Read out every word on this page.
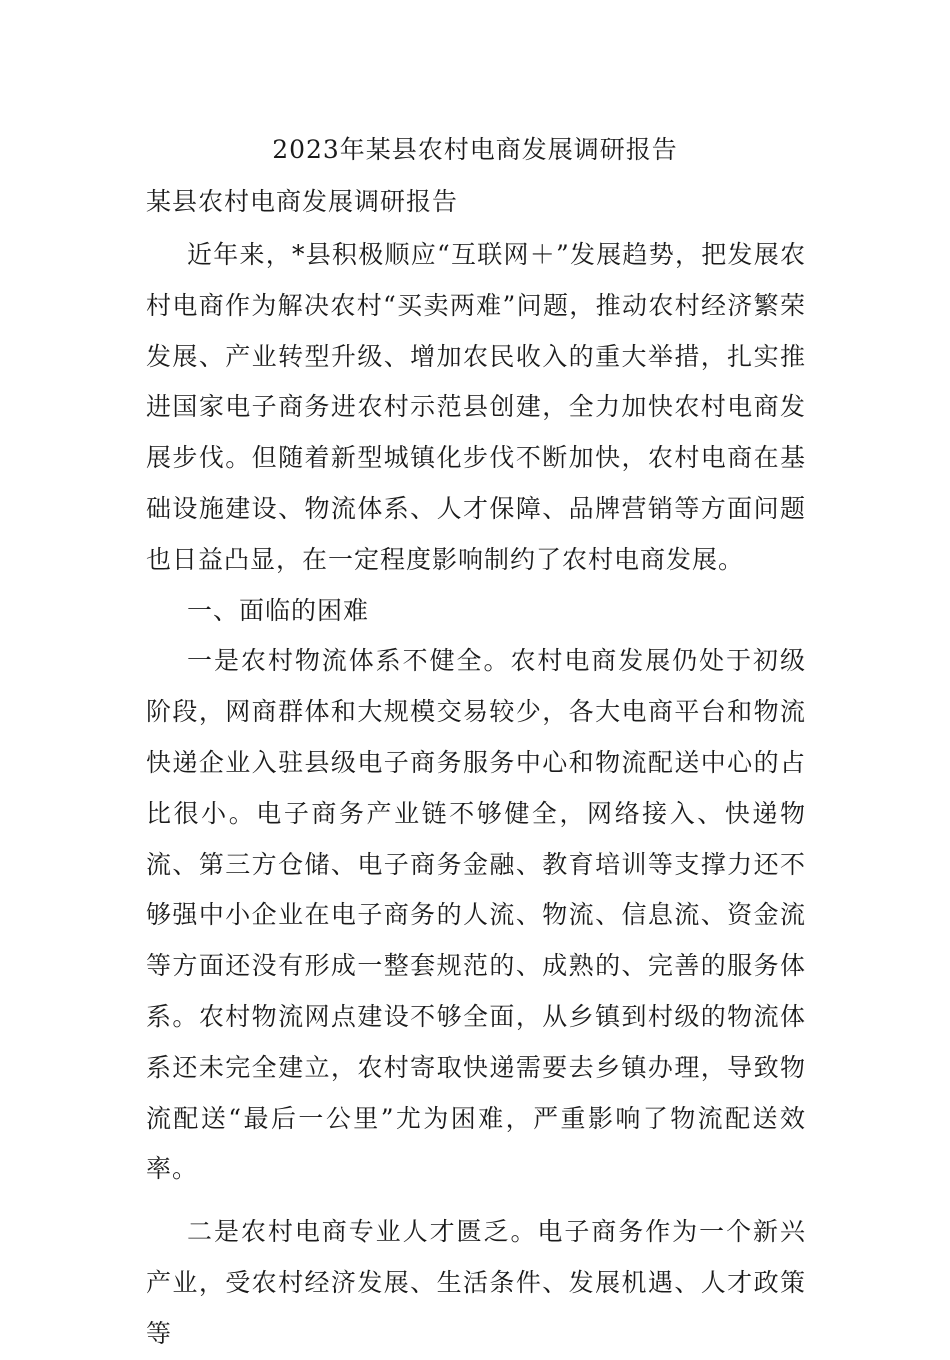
2023年某县农村电商发展调研报告
某县农村电商发展调研报告

近年来，*县积极顺应“互联网＋”发展趋势，把发展农村电商作为解决农村“买卖两难”问题，推动农村经济繁荣发展、产业转型升级、增加农民收入的重大举措，扎实推进国家电子商务进农村示范县创建，全力加快农村电商发展步伐。但随着新型城镇化步伐不断加快，农村电商在基础设施建设、物流体系、人才保障、品牌营销等方面问题也日益凸显，在一定程度影响制约了农村电商发展。

一、面临的困难

一是农村物流体系不健全。农村电商发展仍处于初级阶段，网商群体和大规模交易较少，各大电商平台和物流快递企业入驻县级电子商务服务中心和物流配送中心的占比很小。电子商务产业链不够健全，网络接入、快递物流、第三方仓储、电子商务金融、教育培训等支撑力还不够强中小企业在电子商务的人流、物流、信息流、资金流等方面还没有形成一整套规范的、成熟的、完善的服务体系。农村物流网点建设不够全面，从乡镇到村级的物流体系还未完全建立，农村寄取快递需要去乡镇办理，导致物流配送“最后一公里”尤为困难，严重影响了物流配送效率。

二是农村电商专业人才匮乏。电子商务作为一个新兴产业，受农村经济发展、生活条件、发展机遇、人才政策等
